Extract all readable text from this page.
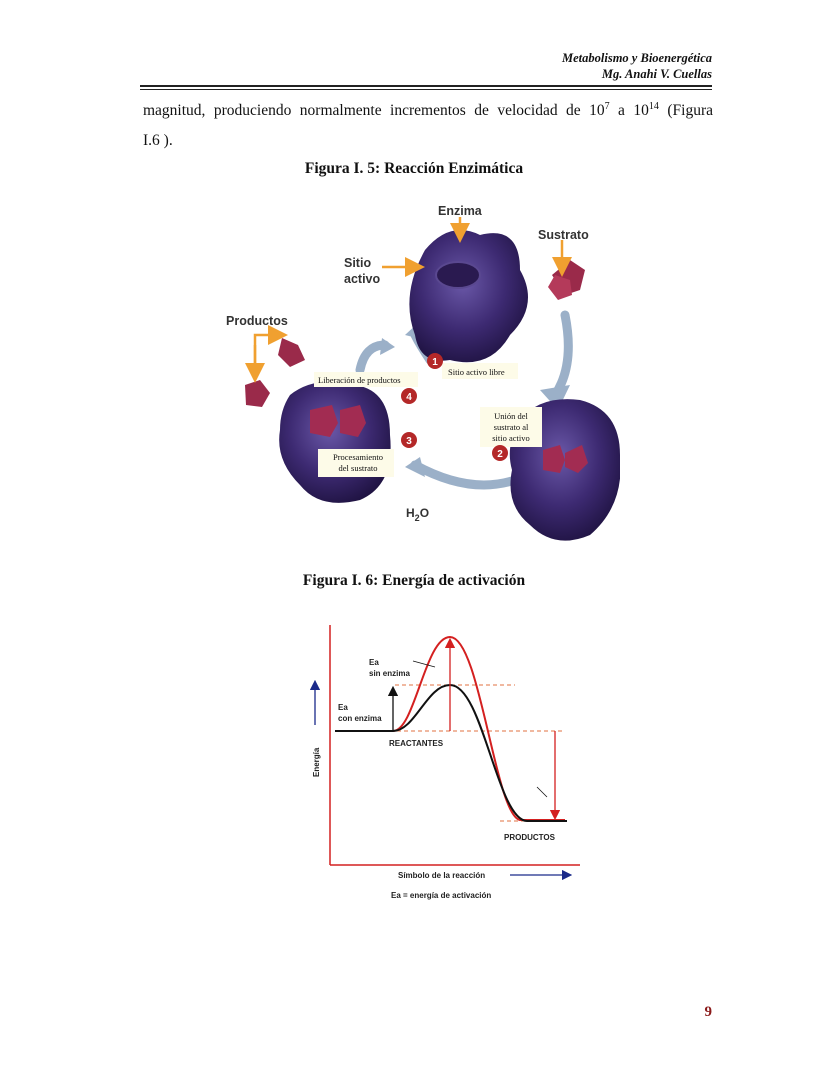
Metabolismo y Bioenergética
Mg. Anahi V. Cuellas
magnitud, produciendo normalmente incrementos de velocidad de $10^7$ a $10^{14}$ (Figura
I.6 ).
Figura I. 5: Reacción Enzimática
Enzima
Sustrato
Sitio
activo
Productos
Sitio activo libre
Liberación de productos
Unión del
sustrato al
sitio activo
Procesamiento
del sustrato
1
2
3
4
$H_2O$
Figura I. 6: Energía de activación
Ea
sin enzima
Ea
con enzima
REACTANTES
PRODUCTOS
Energía
Símbolo de la reacción
Ea = energía de activación
9
